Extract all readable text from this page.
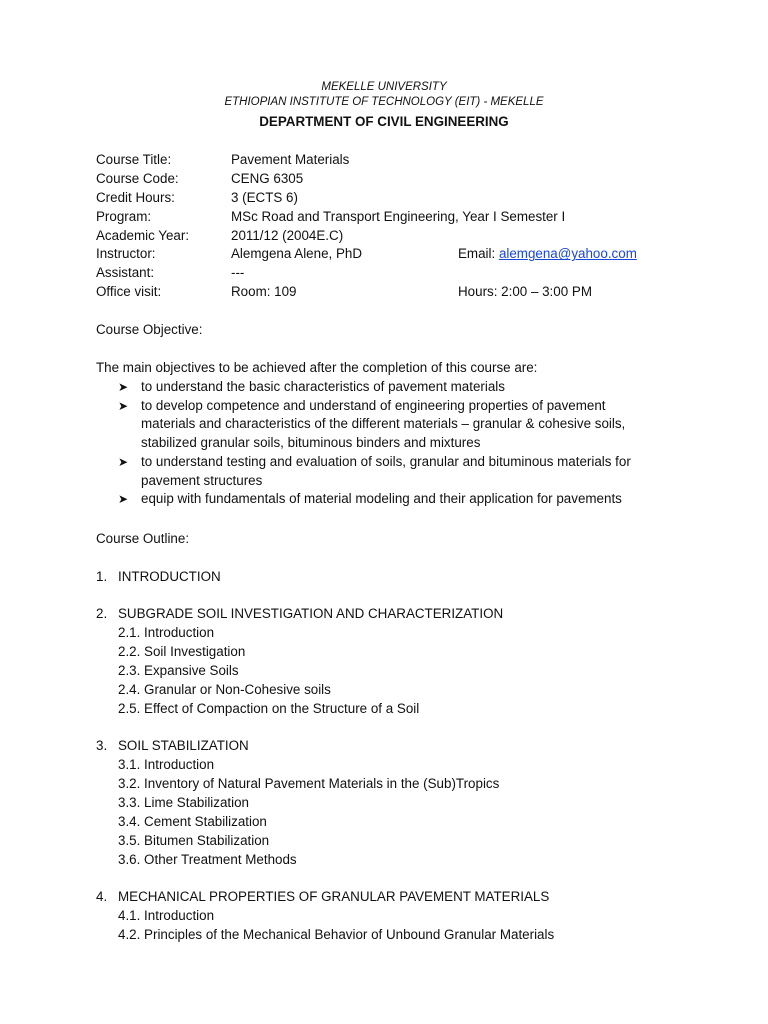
MEKELLE UNIVERSITY
ETHIOPIAN INSTITUTE OF TECHNOLOGY (EIT) - MEKELLE
DEPARTMENT OF CIVIL ENGINEERING
Course Title:	Pavement Materials
Course Code:	CENG 6305
Credit Hours:	3 (ECTS 6)
Program:	MSc Road and Transport Engineering, Year I Semester I
Academic Year:	2011/12 (2004E.C)
Instructor:	Alemgena Alene, PhD	Email: alemgena@yahoo.com
Assistant:	---
Office visit:	Room: 109	Hours: 2:00 – 3:00 PM
Course Objective:
The main objectives to be achieved after the completion of this course are:
➤ to understand the basic characteristics of pavement materials
➤ to develop competence and understand of engineering properties of pavement
materials and characteristics of the different materials – granular & cohesive soils,
stabilized granular soils, bituminous binders and mixtures
➤ to understand testing and evaluation of soils, granular and bituminous materials for
pavement structures
➤ equip with fundamentals of material modeling and their application for pavements
Course Outline:
1. INTRODUCTION
2. SUBGRADE SOIL INVESTIGATION AND CHARACTERIZATION
2.1. Introduction
2.2. Soil Investigation
2.3. Expansive Soils
2.4. Granular or Non-Cohesive soils
2.5. Effect of Compaction on the Structure of a Soil
3. SOIL STABILIZATION
3.1. Introduction
3.2. Inventory of Natural Pavement Materials in the (Sub)Tropics
3.3. Lime Stabilization
3.4. Cement Stabilization
3.5. Bitumen Stabilization
3.6. Other Treatment Methods
4. MECHANICAL PROPERTIES OF GRANULAR PAVEMENT MATERIALS
4.1. Introduction
4.2. Principles of the Mechanical Behavior of Unbound Granular Materials
